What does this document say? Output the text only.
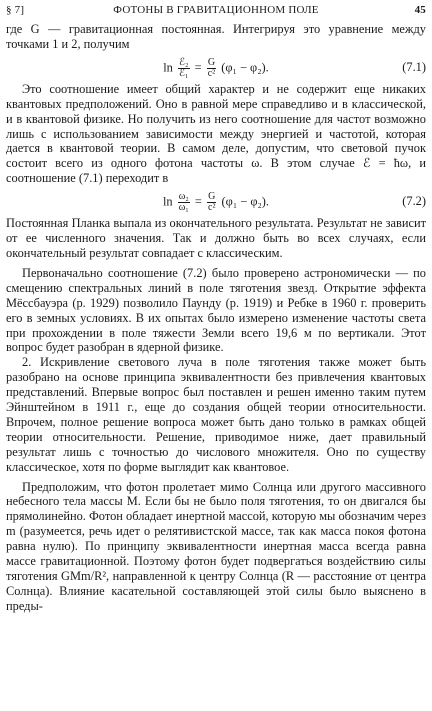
§ 7]	ФОТОНЫ В ГРАВИТАЦИОННОМ ПОЛЕ	45

где G — гравитационная постоянная. Интегрируя это уравнение между точками 1 и 2, получим

$\ln \frac{\text{ℰ₂}}{\text{ℰ₁}} = \frac{G}{\text{c²}} (\varphi_1 - \varphi_2)$.	(7.1)

Это соотношение имеет общий характер и не содержит еще никаких квантовых предположений. Оно в равной мере справедливо и в классической, и в квантовой физике. Но получить из него соотношение для частот возможно лишь с использованием зависимости между энергией и частотой, которая дается в квантовой теории. В самом деле, допустим, что световой пучок состоит всего из одного фотона частоты ω. В этом случае ℰ = ħω, и соотношение (7.1) переходит в

$\ln \frac{\text{ω₂}}{\text{ω₁}} = \frac{G}{\text{c²}} (\varphi_1 - \varphi_2)$.	(7.2)

Постоянная Планка выпала из окончательного результата. Результат не зависит от ее численного значения. Так и должно быть во всех случаях, если окончательный результат совпадает с классическим.

Первоначально соотношение (7.2) было проверено астрономически — по смещению спектральных линий в поле тяготения звезд. Открытие эффекта Мёссбауэра (р. 1929) позволило Паунду (р. 1919) и Ребке в 1960 г. проверить его в земных условиях. В их опытах было измерено изменение частоты света при прохождении в поле тяжести Земли всего 19,6 м по вертикали. Этот вопрос будет разобран в ядерной физике.

2. Искривление светового луча в поле тяготения также может быть разобрано на основе принципа эквивалентности без привлечения квантовых представлений. Впервые вопрос был поставлен и решен именно таким путем Эйнштейном в 1911 г., еще до создания общей теории относительности. Впрочем, полное решение вопроса может быть дано только в рамках общей теории относительности. Решение, приводимое ниже, дает правильный результат лишь с точностью до числового множителя. Оно по существу классическое, хотя по форме выглядит как квантовое.

Предположим, что фотон пролетает мимо Солнца или другого массивного небесного тела массы M. Если бы не было поля тяготения, то он двигался бы прямолинейно. Фотон обладает инертной массой, которую мы обозначим через m (разумеется, речь идет о релятивистской массе, так как масса покоя фотона равна нулю). По принципу эквивалентности инертная масса всегда равна массе гравитационной. Поэтому фотон будет подвергаться воздействию силы тяготения GMm/R², направленной к центру Солнца (R — расстояние от центра Солнца). Влияние касательной составляющей этой силы было выяснено в преды-
